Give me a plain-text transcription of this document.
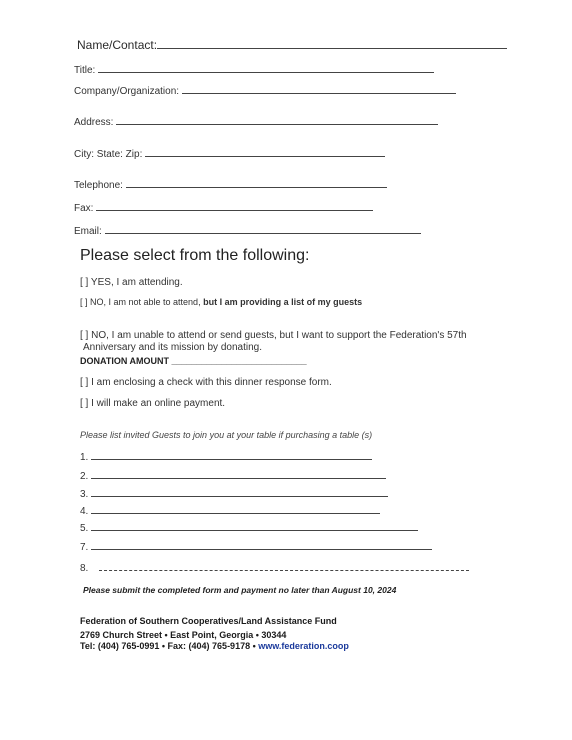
Name/Contact:
Title:
Company/Organization:
Address:
City: State: Zip:
Telephone:
Fax:
Email:
Please select from the following:
[ ] YES, I am attending.
[ ] NO, I am not able to attend, but I am providing a list of my guests
[ ] NO, I am unable to attend or send guests, but I want to support the Federation's 57th
Anniversary and its mission by donating.
DONATION AMOUNT ___________________________
[ ] I am enclosing a check with this dinner response form.
[ ] I will make an online payment.
Please list invited Guests to join you at your table if purchasing a table (s)
1.
2.
3.
4.
5.
7.
8.
Please submit the completed form and payment no later than August 10, 2024
Federation of Southern Cooperatives/Land Assistance Fund
2769 Church Street • East Point, Georgia • 30344
Tel: (404) 765-0991 • Fax: (404) 765-9178 • www.federation.coop
